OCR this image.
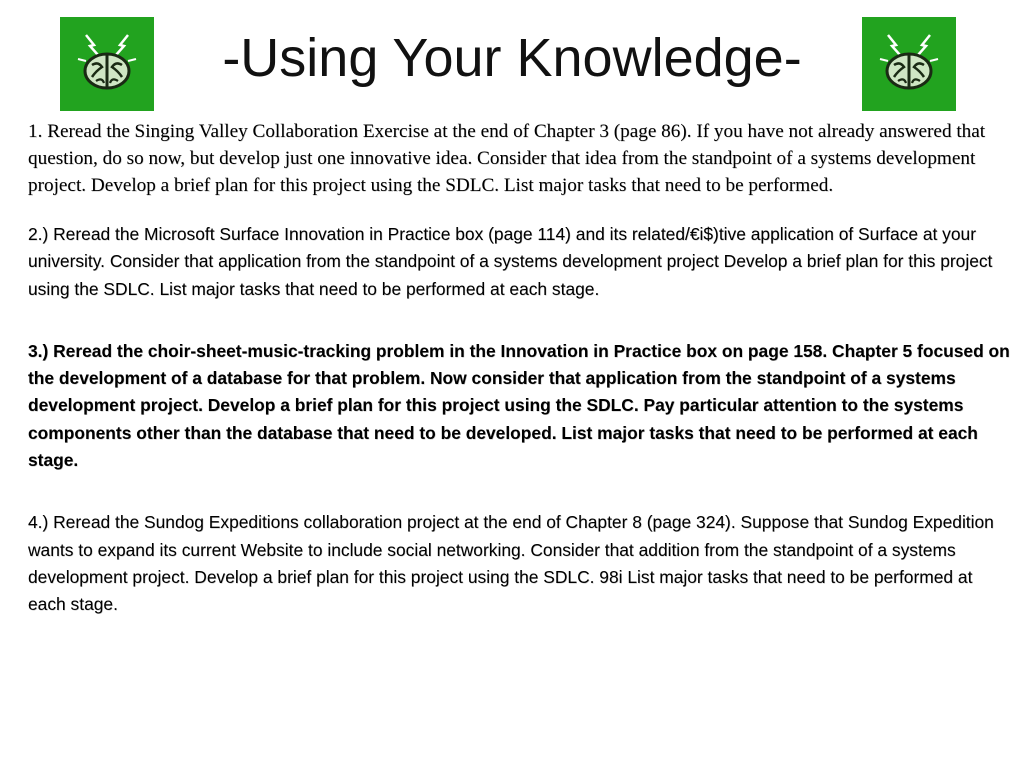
-Using Your Knowledge-

1. Reread the Singing Valley Collaboration Exercise at the end of Chapter 3 (page 86). If you have not already answered that question, do so now, but develop just one innovative idea. Consider that idea from the standpoint of a systems development project. Develop a brief plan for this project using the SDLC. List major tasks that need to be performed.

2.) Reread the Microsoft Surface Innovation in Practice box (page 114) and its related/€i$)tive application of Surface at your university. Consider that application from the standpoint of a systems development project Develop a brief plan for this project using the SDLC. List major tasks that need to be performed at each stage.

3.) Reread the choir-sheet-music-tracking problem in the Innovation in Practice box on page 158. Chapter 5 focused on the development of a database for that problem. Now consider that application from the standpoint of a systems development project. Develop a brief plan for this project using the SDLC. Pay particular attention to the systems components other than the database that need to be developed. List major tasks that need to be performed at each stage.

4.) Reread the Sundog Expeditions collaboration project at the end of Chapter 8 (page 324). Suppose that Sundog Expedition wants to expand its current Website to include social networking. Consider that addition from the standpoint of a systems development project. Develop a brief plan for this project using the SDLC. 98i List major tasks that need to be performed at each stage.
